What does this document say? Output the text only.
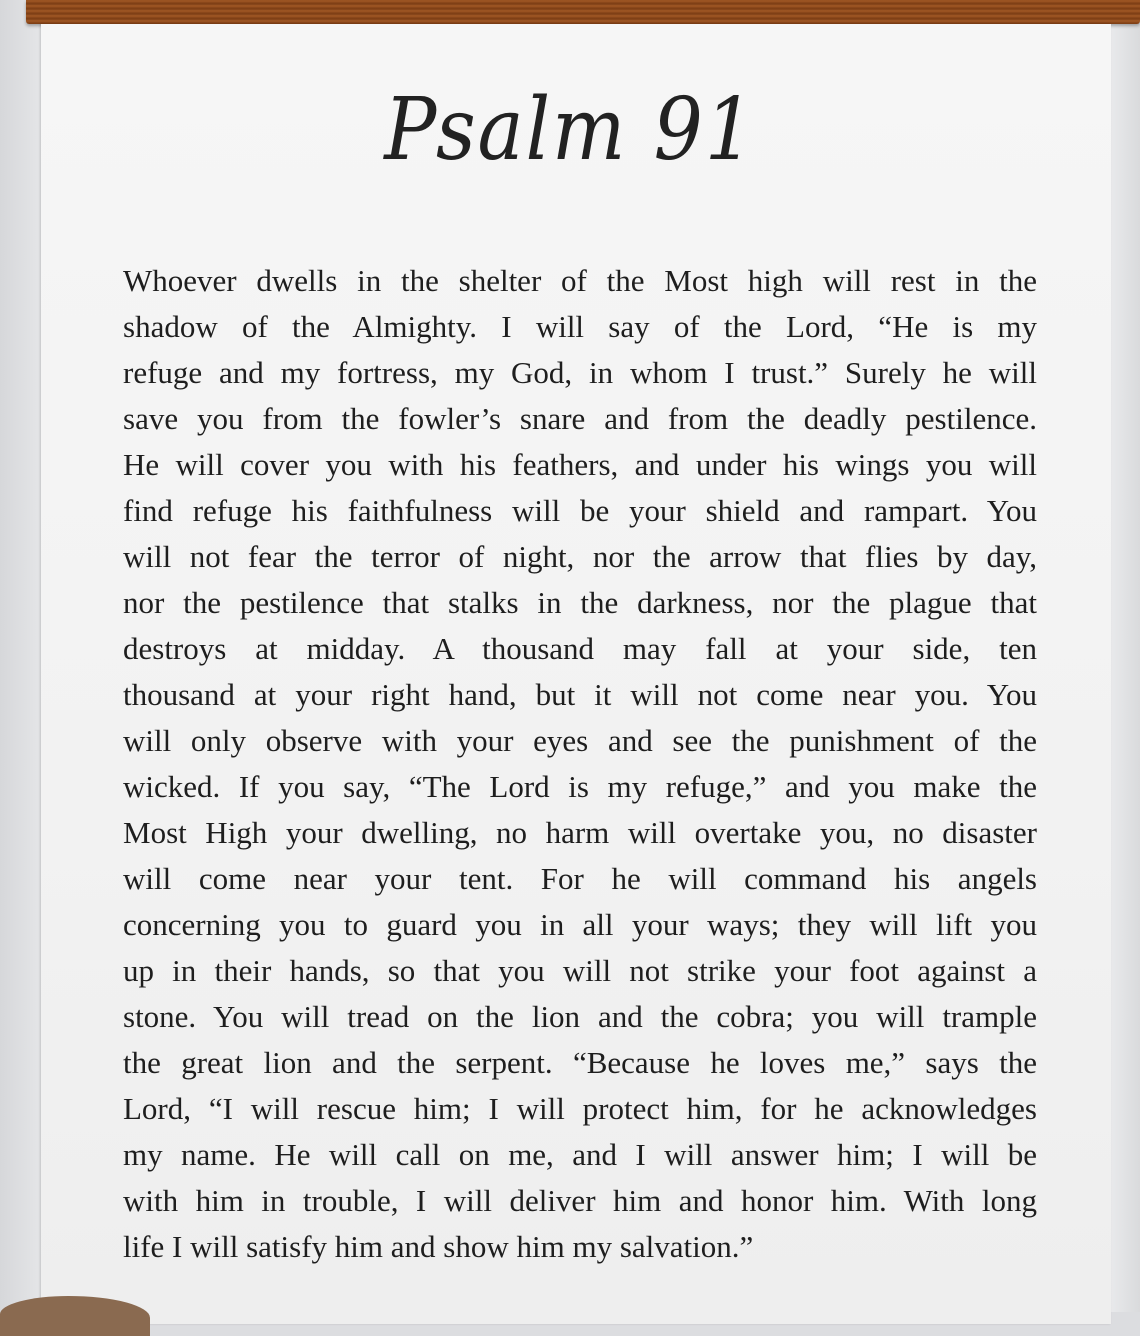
Psalm 91
Whoever dwells in the shelter of the Most high will rest in the
shadow of the Almighty. I will say of the Lord, “He is my
refuge and my fortress, my God, in whom I trust.” Surely he will
save you from the fowler’s snare and from the deadly pestilence.
He will cover you with his feathers, and under his wings you will
find refuge his faithfulness will be your shield and rampart. You
will not fear the terror of night, nor the arrow that flies by day,
nor the pestilence that stalks in the darkness, nor the plague that
destroys at midday. A thousand may fall at your side, ten
thousand at your right hand, but it will not come near you. You
will only observe with your eyes and see the punishment of the
wicked. If you say, “The Lord is my refuge,” and you make the
Most High your dwelling, no harm will overtake you, no disaster
will come near your tent. For he will command his angels
concerning you to guard you in all your ways; they will lift you
up in their hands, so that you will not strike your foot against a
stone. You will tread on the lion and the cobra; you will trample
the great lion and the serpent. “Because he loves me,” says the
Lord, “I will rescue him; I will protect him, for he acknowledges
my name. He will call on me, and I will answer him; I will be
with him in trouble, I will deliver him and honor him. With long
life I will satisfy him and show him my salvation.”
